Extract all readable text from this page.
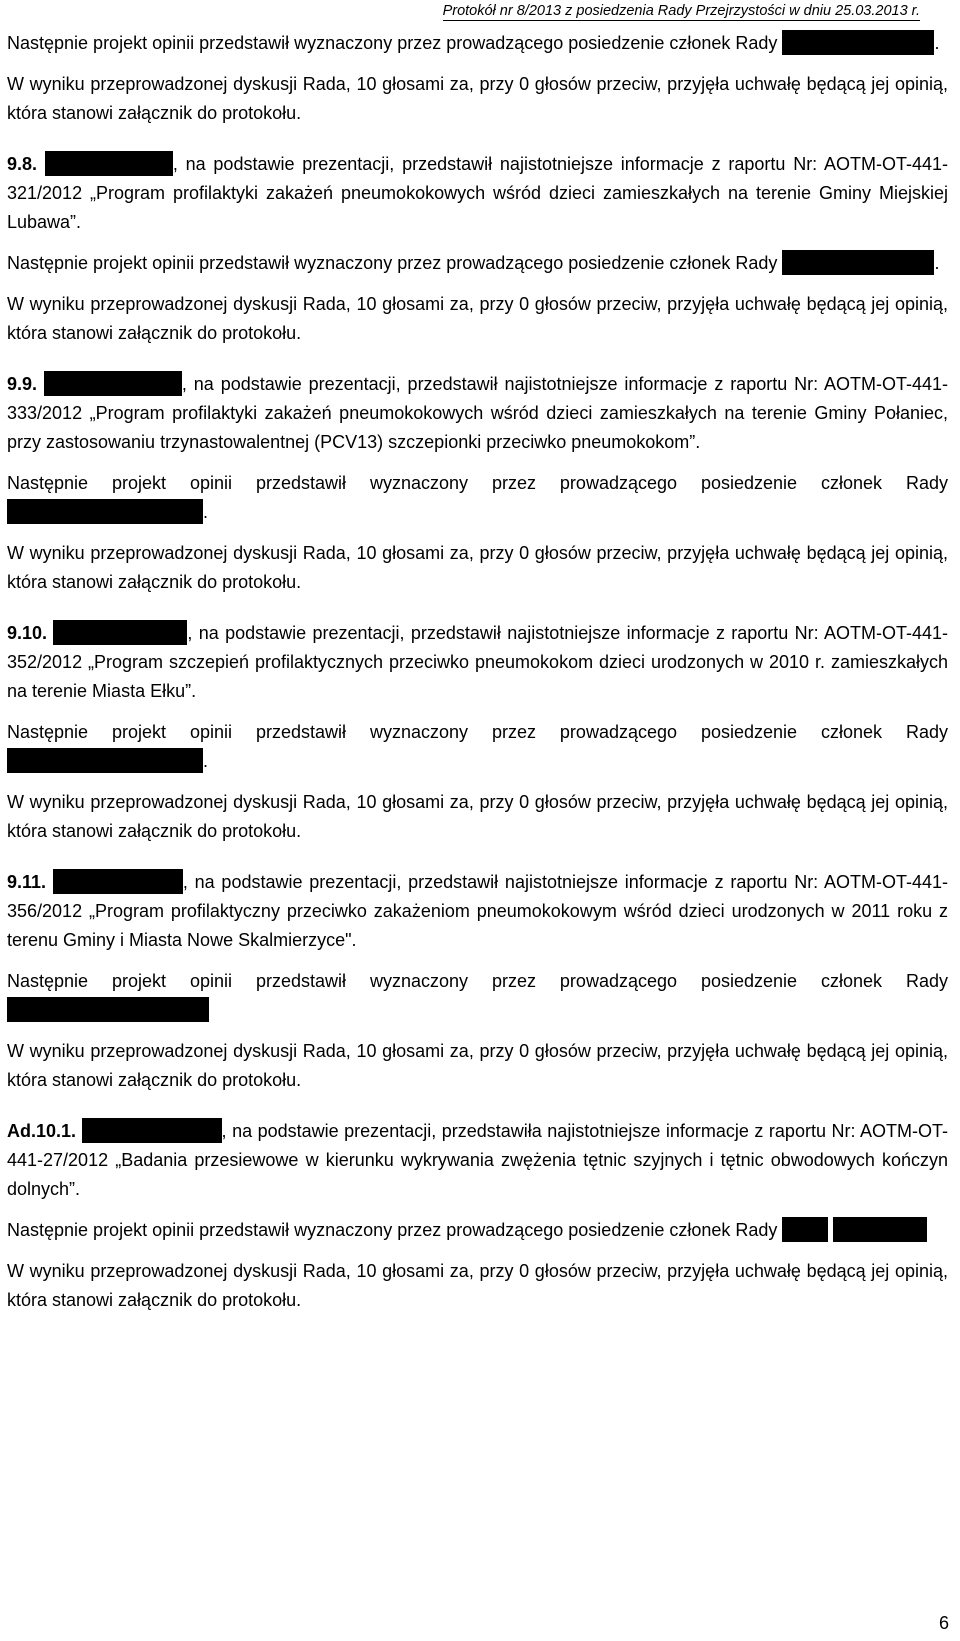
Protokół nr 8/2013 z posiedzenia Rady Przejrzystości w dniu 25.03.2013 r.

Następnie projekt opinii przedstawił wyznaczony przez prowadzącego posiedzenie członek Rady	.

W wyniku przeprowadzonej dyskusji Rada, 10 głosami za, przy 0 głosów przeciw, przyjęła uchwałę będącą jej opinią, która stanowi załącznik do protokołu.

9.8.	, na podstawie prezentacji, przedstawił najistotniejsze informacje z raportu Nr: AOTM-OT-441-321/2012 „Program profilaktyki zakażeń pneumokokowych wśród dzieci zamieszkałych na terenie Gminy Miejskiej Lubawa”.

Następnie projekt opinii przedstawił wyznaczony przez prowadzącego posiedzenie członek Rady	.

W wyniku przeprowadzonej dyskusji Rada, 10 głosami za, przy 0 głosów przeciw, przyjęła uchwałę będącą jej opinią, która stanowi załącznik do protokołu.

9.9.	, na podstawie prezentacji, przedstawił najistotniejsze informacje z raportu Nr: AOTM-OT-441-333/2012 „Program profilaktyki zakażeń pneumokokowych wśród dzieci zamieszkałych na terenie Gminy Połaniec, przy zastosowaniu trzynastowalentnej (PCV13) szczepionki przeciwko pneumokokom”.

Następnie projekt opinii przedstawił wyznaczony przez prowadzącego posiedzenie członek Rady .

W wyniku przeprowadzonej dyskusji Rada, 10 głosami za, przy 0 głosów przeciw, przyjęła uchwałę będącą jej opinią, która stanowi załącznik do protokołu.

9.10.	, na podstawie prezentacji, przedstawił najistotniejsze informacje z raportu Nr: AOTM-OT-441-352/2012 „Program szczepień profilaktycznych przeciwko pneumokokom dzieci urodzonych w 2010 r. zamieszkałych na terenie Miasta Ełku”.

Następnie projekt opinii przedstawił wyznaczony przez prowadzącego posiedzenie członek Rady .

W wyniku przeprowadzonej dyskusji Rada, 10 głosami za, przy 0 głosów przeciw, przyjęła uchwałę będącą jej opinią, która stanowi załącznik do protokołu.

9.11.	, na podstawie prezentacji, przedstawił najistotniejsze informacje z raportu Nr: AOTM-OT-441-356/2012 „Program profilaktyczny przeciwko zakażeniom pneumokokowym wśród dzieci urodzonych w 2011 roku z terenu Gminy i Miasta Nowe Skalmierzyce".

Następnie projekt opinii przedstawił wyznaczony przez prowadzącego posiedzenie członek Rady

W wyniku przeprowadzonej dyskusji Rada, 10 głosami za, przy 0 głosów przeciw, przyjęła uchwałę będącą jej opinią, która stanowi załącznik do protokołu.

Ad.10.1.	, na podstawie prezentacji, przedstawiła najistotniejsze informacje z raportu Nr: AOTM-OT-441-27/2012 „Badania przesiewowe w kierunku wykrywania zwężenia tętnic szyjnych i tętnic obwodowych kończyn dolnych”.

Następnie projekt opinii przedstawił wyznaczony przez prowadzącego posiedzenie członek Rady

W wyniku przeprowadzonej dyskusji Rada, 10 głosami za, przy 0 głosów przeciw, przyjęła uchwałę będącą jej opinią, która stanowi załącznik do protokołu.

6
